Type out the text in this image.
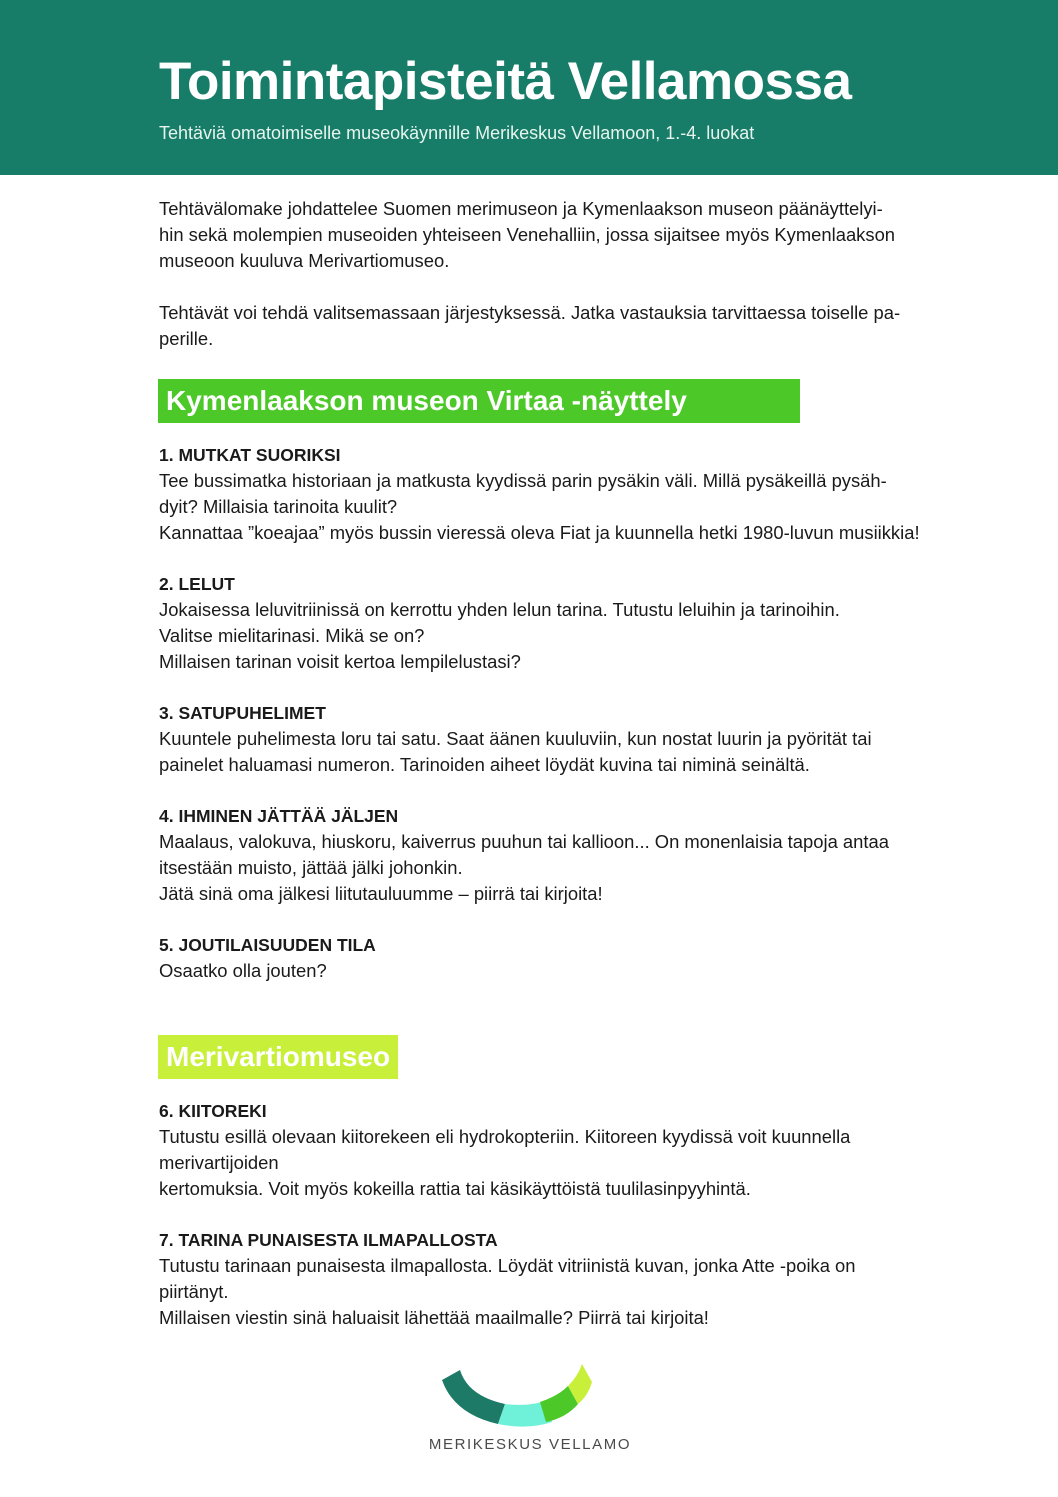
Toimintapisteitä Vellamossa

Tehtäviä omatoimiselle museokäynnille Merikeskus Vellamoon, 1.-4. luokat

Tehtävälomake johdattelee Suomen merimuseon ja Kymenlaakson museon päänäyttelyi-
hin sekä molempien museoiden yhteiseen Venehalliin, jossa sijaitsee myös Kymenlaakson
museoon kuuluva Merivartiomuseo.

Tehtävät voi tehdä valitsemassaan järjestyksessä. Jatka vastauksia tarvittaessa toiselle pa-
perille.

Kymenlaakson museon Virtaa -näyttely

1. MUTKAT SUORIKSI

Tee bussimatka historiaan ja matkusta kyydissä parin pysäkin väli. Millä pysäkeillä pysäh-
dyit? Millaisia tarinoita kuulit?
Kannattaa ”koeajaa” myös bussin vieressä oleva Fiat ja kuunnella hetki 1980-luvun musiikkia!

2. LELUT

Jokaisessa leluvitriinissä on kerrottu yhden lelun tarina. Tutustu leluihin ja tarinoihin.
Valitse mielitarinasi. Mikä se on?
Millaisen tarinan voisit kertoa lempilelustasi?

3. SATUPUHELIMET

Kuuntele puhelimesta loru tai satu. Saat äänen kuuluviin, kun nostat luurin ja pyörität tai
painelet haluamasi numeron. Tarinoiden aiheet löydät kuvina tai niminä seinältä.

4. IHMINEN JÄTTÄÄ JÄLJEN

Maalaus, valokuva, hiuskoru, kaiverrus puuhun tai kallioon... On monenlaisia tapoja antaa
itsestään muisto, jättää jälki johonkin.
Jätä sinä oma jälkesi liitutauluumme – piirrä tai kirjoita!

5. JOUTILAISUUDEN TILA

Osaatko olla jouten?

Merivartiomuseo

6. KIITOREKI

Tutustu esillä olevaan kiitorekeen eli hydrokopteriin. Kiitoreen kyydissä voit kuunnella
merivartijoiden
kertomuksia. Voit myös kokeilla rattia tai käsikäyttöistä tuulilasinpyyhintä.

7. TARINA PUNAISESTA ILMAPALLOSTA

Tutustu tarinaan punaisesta ilmapallosta. Löydät vitriinistä kuvan, jonka Atte -poika on
piirtänyt.
Millaisen viestin sinä haluaisit lähettää maailmalle? Piirrä tai kirjoita!

MERIKESKUS VELLAMO
